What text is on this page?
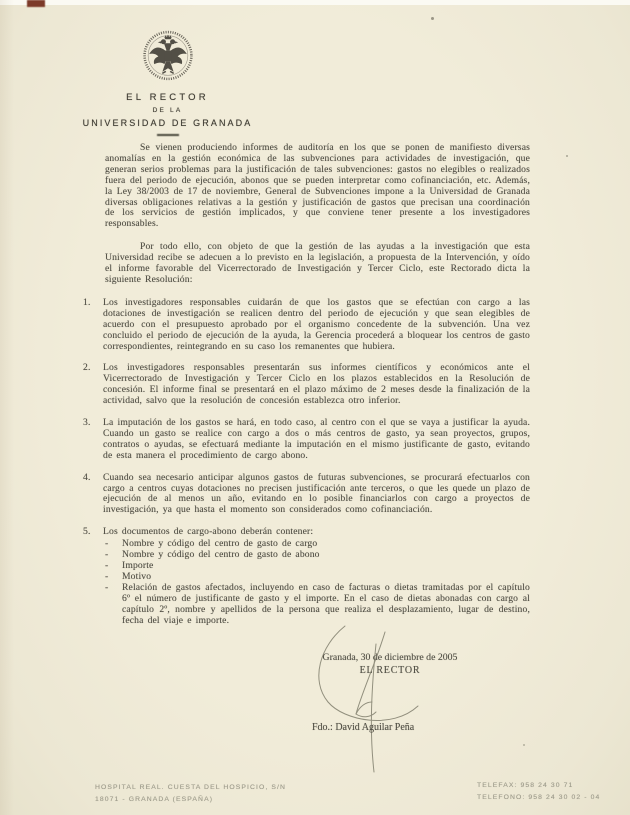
EL RECTOR
DE LA
UNIVERSIDAD DE GRANADA

Se vienen produciendo informes de auditoría en los que se ponen de manifiesto diversas anomalías en la gestión económica de las subvenciones para actividades de investigación, que generan serios problemas para la justificación de tales subvenciones: gastos no elegibles o realizados fuera del periodo de ejecución, abonos que se pueden interpretar como cofinanciación, etc. Además, la Ley 38/2003 de 17 de noviembre, General de Subvenciones impone a la Universidad de Granada diversas obligaciones relativas a la gestión y justificación de gastos que precisan una coordinación de los servicios de gestión implicados, y que conviene tener presente a los investigadores responsables.

Por todo ello, con objeto de que la gestión de las ayudas a la investigación que esta Universidad recibe se adecuen a lo previsto en la legislación, a propuesta de la Intervención, y oído el informe favorable del Vicerrectorado de Investigación y Tercer Ciclo, este Rectorado dicta la siguiente Resolución:

1.	Los investigadores responsables cuidarán de que los gastos que se efectúan con cargo a las dotaciones de investigación se realicen dentro del periodo de ejecución y que sean elegibles de acuerdo con el presupuesto aprobado por el organismo concedente de la subvención. Una vez concluido el periodo de ejecución de la ayuda, la Gerencia procederá a bloquear los centros de gasto correspondientes, reintegrando en su caso los remanentes que hubiera.
2.	Los investigadores responsables presentarán sus informes científicos y económicos ante el Vicerrectorado de Investigación y Tercer Ciclo en los plazos establecidos en la Resolución de concesión. El informe final se presentará en el plazo máximo de 2 meses desde la finalización de la actividad, salvo que la resolución de concesión establezca otro inferior.
3.	La imputación de los gastos se hará, en todo caso, al centro con el que se vaya a justificar la ayuda. Cuando un gasto se realice con cargo a dos o más centros de gasto, ya sean proyectos, grupos, contratos o ayudas, se efectuará mediante la imputación en el mismo justificante de gasto, evitando de esta manera el procedimiento de cargo abono.
4.	Cuando sea necesario anticipar algunos gastos de futuras subvenciones, se procurará efectuarlos con cargo a centros cuyas dotaciones no precisen justificación ante terceros, o que les quede un plazo de ejecución de al menos un año, evitando en lo posible financiarlos con cargo a proyectos de investigación, ya que hasta el momento son considerados como cofinanciación.
5.	Los documentos de cargo-abono deberán contener:
-	Nombre y código del centro de gasto de cargo
-	Nombre y código del centro de gasto de abono
-	Importe
-	Motivo
-	Relación de gastos afectados, incluyendo en caso de facturas o dietas tramitadas por el capítulo 6º el número de justificante de gasto y el importe. En el caso de dietas abonadas con cargo al capítulo 2º, nombre y apellidos de la persona que realiza el desplazamiento, lugar de destino, fecha del viaje e importe.
Granada, 30 de diciembre de 2005
EL RECTOR
Fdo.: David Aguilar Peña
HOSPITAL REAL. CUESTA DEL HOSPICIO, S/N
18071 - GRANADA (ESPAÑA)
TELEFAX: 958 24 30 71
TELEFONO: 958 24 30 02 - 04
